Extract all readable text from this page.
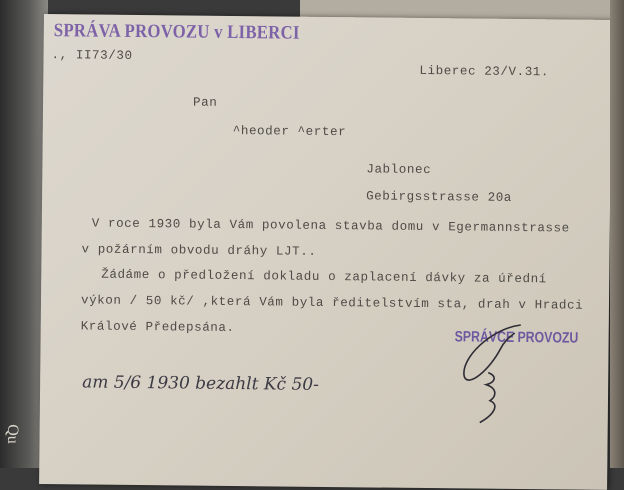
Qu
SPRÁVA PROVOZU v LIBERCI
., II73/30
Liberec 23/V.31.
Pan
^heoder ^erter
Jablonec
Gebirgsstrasse 20a
V roce 1930 byla Vám povolena stavba domu v Egermannstrasse
v požárním obvodu dráhy LJT..
Žádáme o předložení dokladu o zaplacení dávky za úřední
výkon / 50 kč/ ,která Vám byla ředitelstvím sta, drah v Hradci
Králové Předepsána.
SPRÁVCE PROVOZU
am 5/6 1930 bezahlt Kč 50-
